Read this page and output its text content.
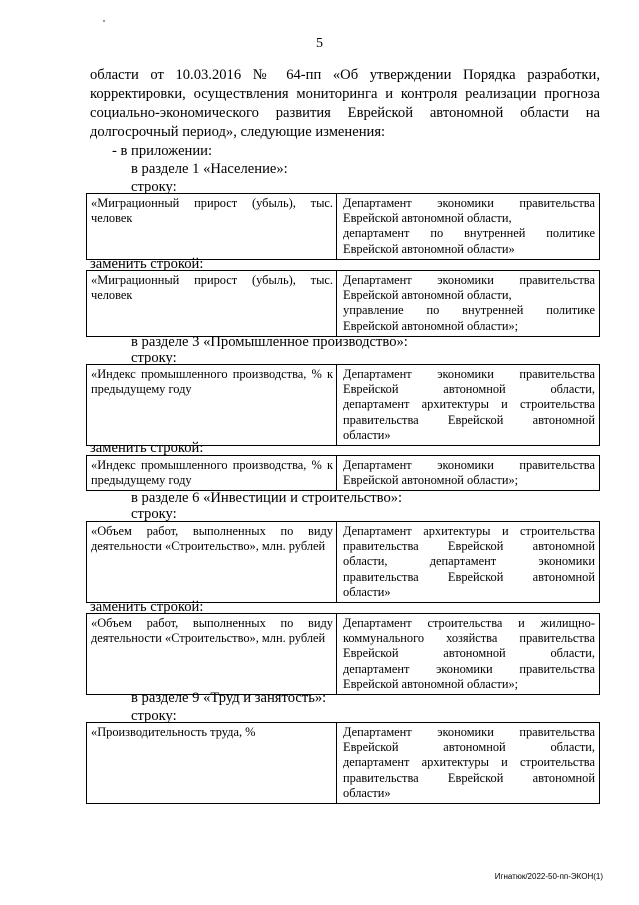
5
области от 10.03.2016 № 64-пп «Об утверждении Порядка разработки,
корректировки, осуществления мониторинга и контроля реализации прогноза
социально-экономического развития Еврейской автономной области на
долгосрочный период», следующие изменения:
- в приложении:
в разделе 1 «Население»:
строку:
«Миграционный прирост (убыль), тыс.
человек
Департамент экономики правительства
Еврейской автономной области,
департамент по внутренней политике
Еврейской автономной области»
заменить строкой:
«Миграционный прирост (убыль), тыс.
человек
Департамент экономики правительства
Еврейской автономной области,
управление по внутренней политике
Еврейской автономной области»;
в разделе 3 «Промышленное производство»:
строку:
«Индекс промышленного производства, % к
предыдущему году
Департамент экономики правительства
Еврейской автономной области,
департамент архитектуры и строительства
правительства Еврейской автономной
области»
заменить строкой:
«Индекс промышленного производства, % к
предыдущему году
Департамент экономики правительства
Еврейской автономной области»;
в разделе 6 «Инвестиции и строительство»:
строку:
«Объем работ, выполненных по виду
деятельности «Строительство», млн. рублей
Департамент архитектуры и строительства
правительства Еврейской автономной
области, департамент экономики
правительства Еврейской автономной
области»
заменить строкой:
«Объем работ, выполненных по виду
деятельности «Строительство», млн. рублей
Департамент строительства и жилищно-
коммунального хозяйства правительства
Еврейской автономной области,
департамент экономики правительства
Еврейской автономной области»;
в разделе 9 «Труд и занятость»:
строку:
«Производительность труда, %	Департамент экономики правительства
Еврейской автономной области,
департамент архитектуры и строительства
правительства Еврейской автономной
области»
Игнатюк/2022-50-пп-ЭКОН(1)
